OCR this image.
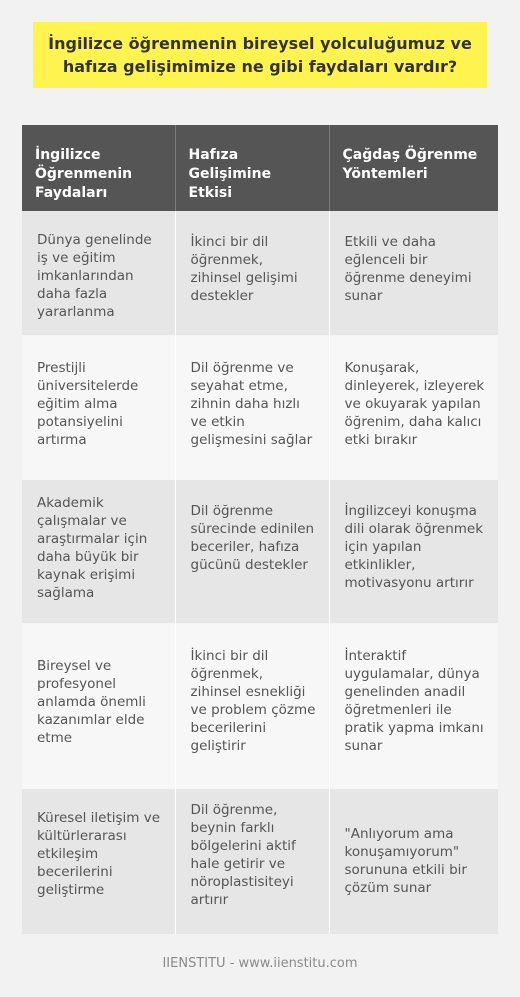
İngilizce öğrenmenin bireysel yolculuğumuz ve hafıza gelişimimize ne gibi faydaları vardır?
İngilizce Öğrenmenin Faydaları	Hafıza Gelişimine Etkisi	Çağdaş Öğrenme Yöntemleri
Dünya genelinde iş ve eğitim imkanlarından daha fazla yararlanma	İkinci bir dil öğrenmek, zihinsel gelişimi destekler	Etkili ve daha eğlenceli bir öğrenme deneyimi sunar
Prestijli üniversitelerde eğitim alma potansiyelini artırma	Dil öğrenme ve seyahat etme, zihnin daha hızlı ve etkin gelişmesini sağlar	Konuşarak, dinleyerek, izleyerek ve okuyarak yapılan öğrenim, daha kalıcı etki bırakır
Akademik çalışmalar ve araştırmalar için daha büyük bir kaynak erişimi sağlama	Dil öğrenme sürecinde edinilen beceriler, hafıza gücünü destekler	İngilizceyi konuşma dili olarak öğrenmek için yapılan etkinlikler, motivasyonu artırır
Bireysel ve profesyonel anlamda önemli kazanımlar elde etme	İkinci bir dil öğrenmek, zihinsel esnekliği ve problem çözme becerilerini geliştirir	İnteraktif uygulamalar, dünya genelinden anadil öğretmenleri ile pratik yapma imkanı sunar
Küresel iletişim ve kültürlerarası etkileşim becerilerini geliştirme	Dil öğrenme, beynin farklı bölgelerini aktif hale getirir ve nöroplastisiteyi artırır	"Anlıyorum ama konuşamıyorum" sorununa etkili bir çözüm sunar
IIENSTITU - www.iienstitu.com
